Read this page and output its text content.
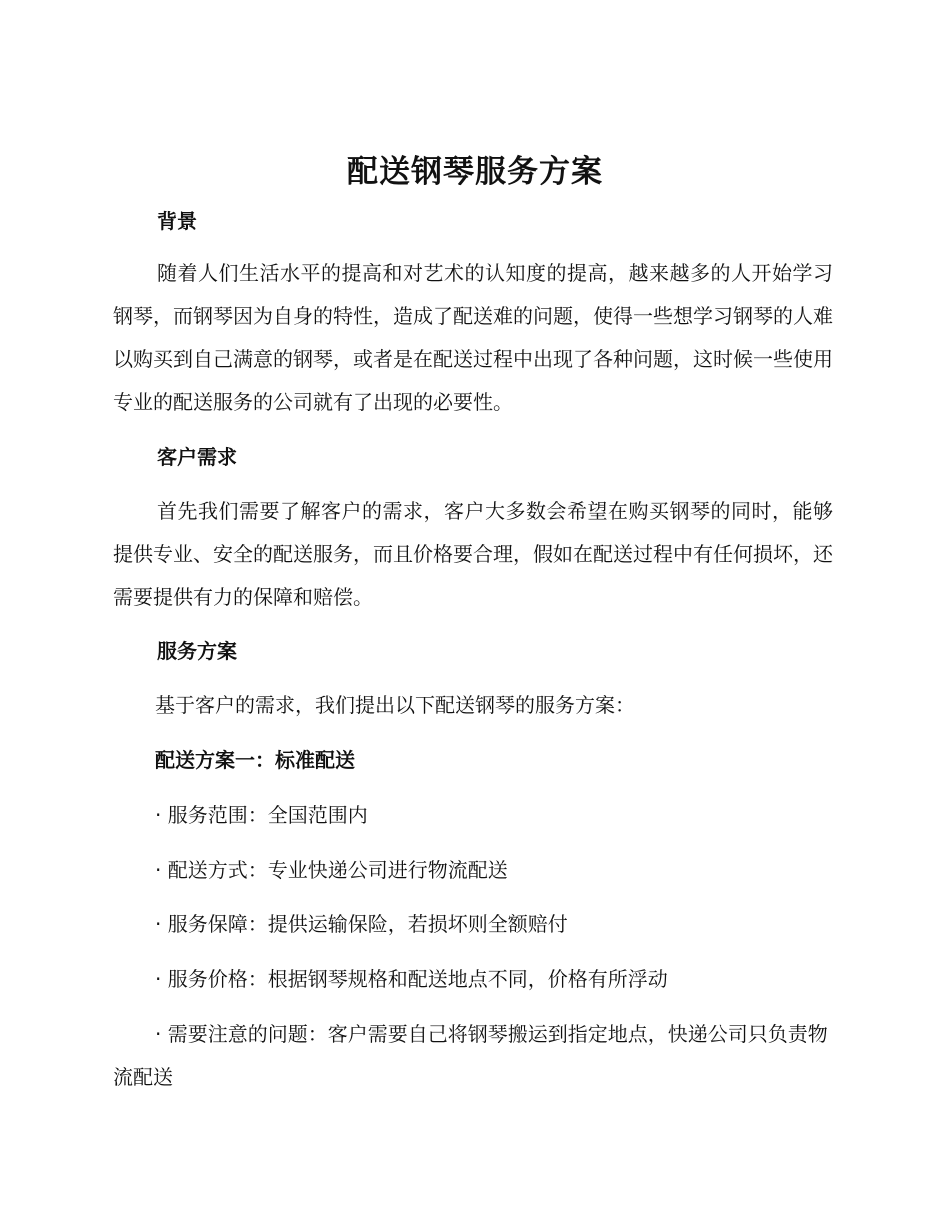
配送钢琴服务方案
背景

随着人们生活水平的提高和对艺术的认知度的提高，越来越多的人开始学习钢琴，而钢琴因为自身的特性，造成了配送难的问题，使得一些想学习钢琴的人难以购买到自己满意的钢琴，或者是在配送过程中出现了各种问题，这时候一些使用专业的配送服务的公司就有了出现的必要性。

客户需求

首先我们需要了解客户的需求，客户大多数会希望在购买钢琴的同时，能够提供专业、安全的配送服务，而且价格要合理，假如在配送过程中有任何损坏，还需要提供有力的保障和赔偿。

服务方案

基于客户的需求，我们提出以下配送钢琴的服务方案：

配送方案一：标准配送

· 服务范围：全国范围内

· 配送方式：专业快递公司进行物流配送

· 服务保障：提供运输保险，若损坏则全额赔付

· 服务价格：根据钢琴规格和配送地点不同，价格有所浮动

· 需要注意的问题：客户需要自己将钢琴搬运到指定地点，快递公司只负责物流配送
